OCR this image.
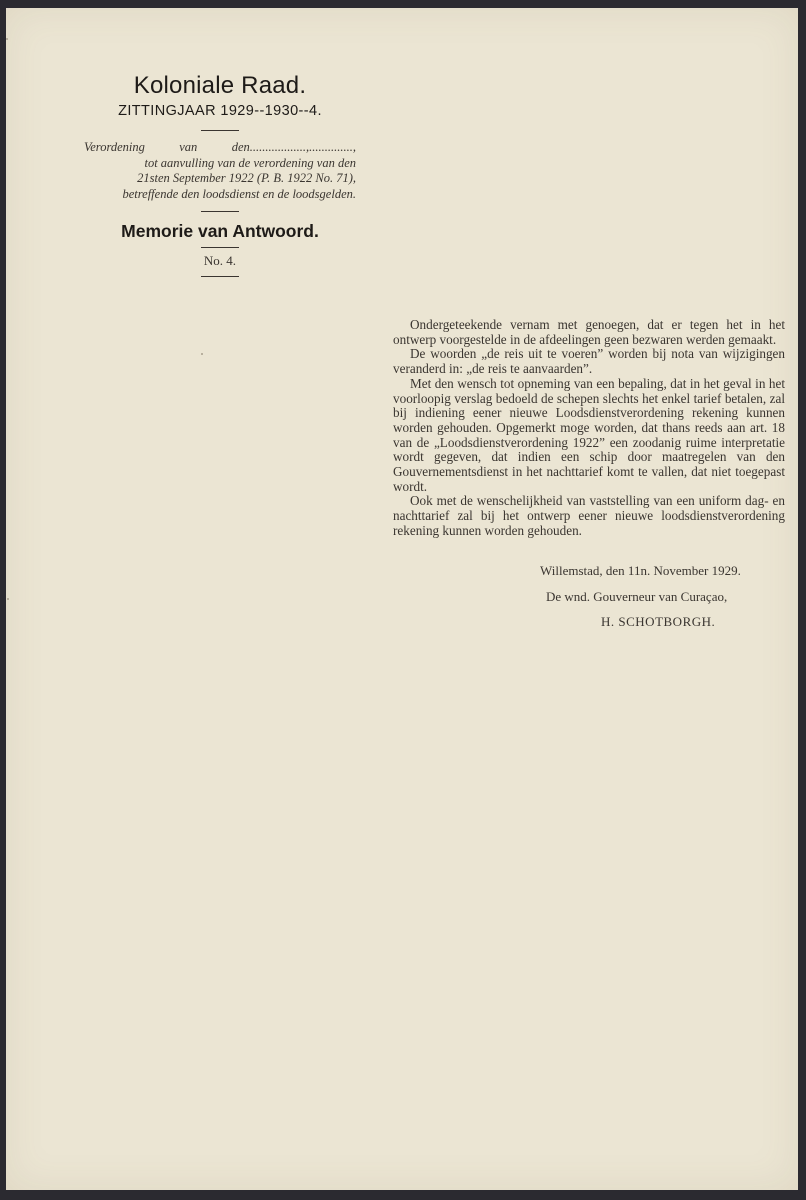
Koloniale Raad.
ZITTINGJAAR 1929--1930--4.
Verordening van den..................,..............,
tot aanvulling van de verordening van den
21sten September 1922 (P. B. 1922 No. 71),
betreffende den loodsdienst en de loodsgelden.
Memorie van Antwoord.
No. 4.

Ondergeteekende vernam met genoegen, dat er tegen het in het ontwerp voorgestelde in de afdeelingen geen bezwaren werden gemaakt.

De woorden „de reis uit te voeren” worden bij nota van wijzigingen veranderd in: „de reis te aanvaarden”.

Met den wensch tot opneming van een bepaling, dat in het geval in het voorloopig verslag bedoeld de schepen slechts het enkel tarief betalen, zal bij indiening eener nieuwe Loodsdienstverordening rekening kunnen worden gehouden. Opgemerkt moge worden, dat thans reeds aan art. 18 van de „Loodsdienstverordening 1922” een zoodanig ruime interpretatie wordt gegeven, dat indien een schip door maatregelen van den Gouvernementsdienst in het nachttarief komt te vallen, dat niet toegepast wordt.

Ook met de wenschelijkheid van vaststelling van een uniform dag- en nachttarief zal bij het ontwerp eener nieuwe loodsdienstverordening rekening kunnen worden gehouden.

Willemstad, den 11n. November 1929.
De wnd. Gouverneur van Curaçao,
H. SCHOTBORGH.
